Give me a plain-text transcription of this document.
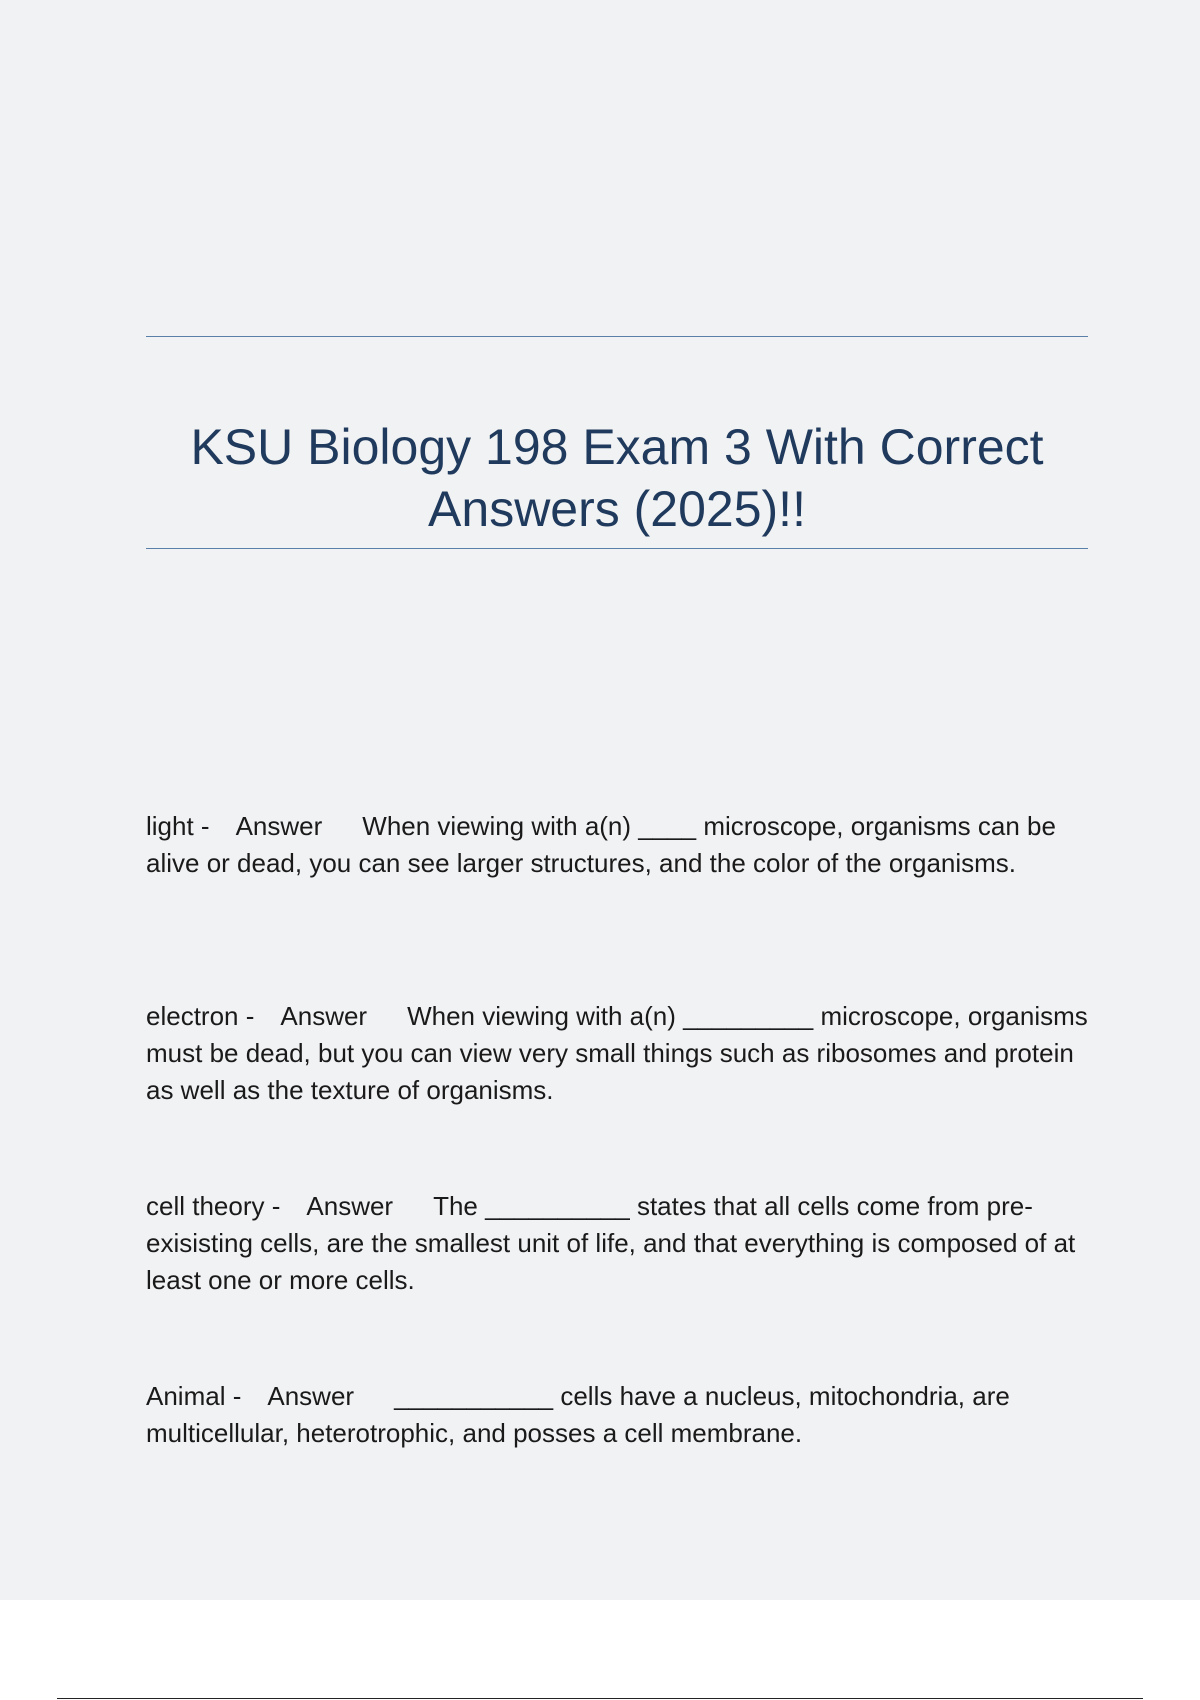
KSU Biology 198 Exam 3 With Correct Answers (2025)!!
light - Answer When viewing with a(n) ____ microscope, organisms can be alive or dead, you can see larger structures, and the color of the organisms.
electron - Answer When viewing with a(n) _________ microscope, organisms must be dead, but you can view very small things such as ribosomes and protein as well as the texture of organisms.
cell theory - Answer The __________ states that all cells come from pre-exisisting cells, are the smallest unit of life, and that everything is composed of at least one or more cells.
Animal - Answer ___________ cells have a nucleus, mitochondria, are multicellular, heterotrophic, and posses a cell membrane.
